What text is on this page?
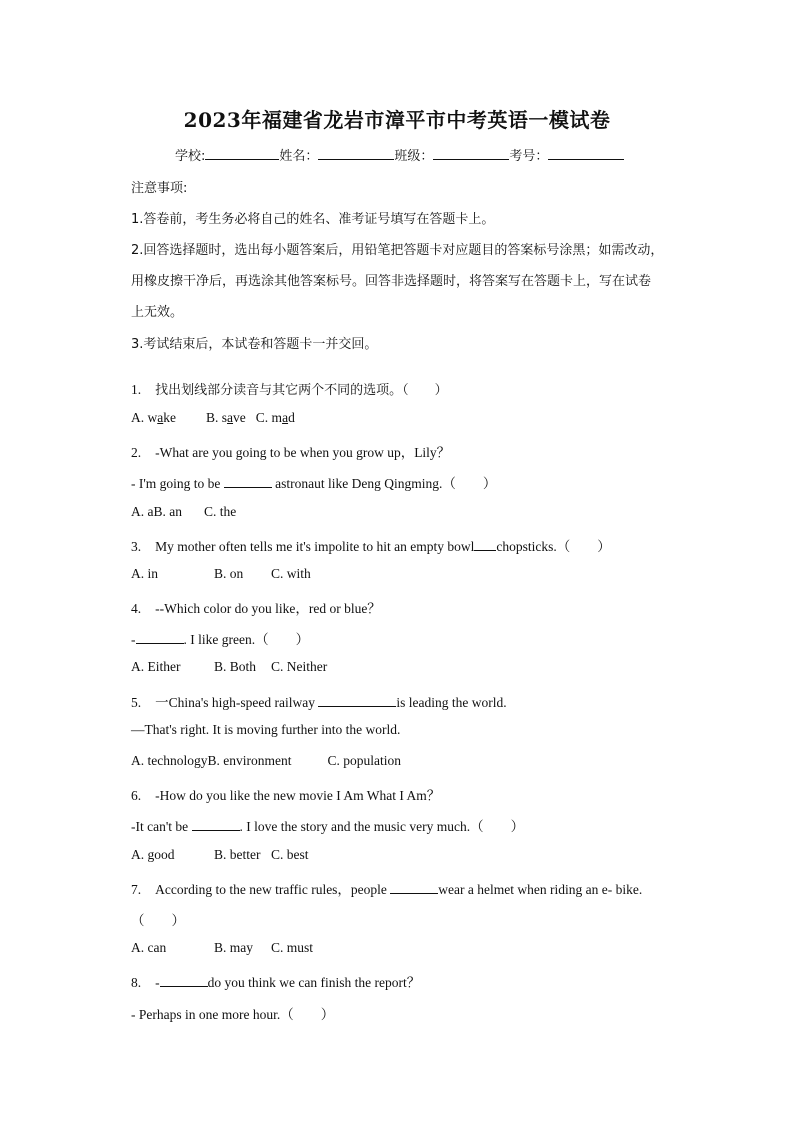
2023年福建省龙岩市漳平市中考英语一模试卷
学校:	姓名：	班级：	考号：
注意事项:
1.答卷前，考生务必将自己的姓名、准考证号填写在答题卡上。
2.回答选择题时，选出每小题答案后，用铅笔把答题卡对应题目的答案标号涂黑；如需改动，
用橡皮擦干净后，再选涂其他答案标号。回答非选择题时，将答案写在答题卡上，写在试卷
上无效。
3.考试结束后，本试卷和答题卡一并交回。
1. 找出划线部分读音与其它两个不同的选项。（　　）
A. wake B. save C. mad
2. -What are you going to be when you grow up，Lily？
- I'm going to be	astronaut like Deng Qingming.（　　）
A. aB. an C. the
3. My mother often tells me it's impolite to hit an empty bowl chopsticks.（　　）
A. in	B. on C. with
4. --Which color do you like，red or blue？
-	. I like green.（　　）
A. Either B. Both C. Neither
5. 一China's high-speed railway	is leading the world.
—That's right. It is moving further into the world.
A. technologyB. environment	C. population
6. -How do you like the new movie I Am What I Am？
-It can't be	. I love the story and the music very much.（　　）
A. good	B. better C. best
7. According to the new traffic rules，people	wear a helmet when riding an e- bike.
（　　）
A. can	B. may C. must
8. -	do you think we can finish the report？
- Perhaps in one more hour.（　　）
